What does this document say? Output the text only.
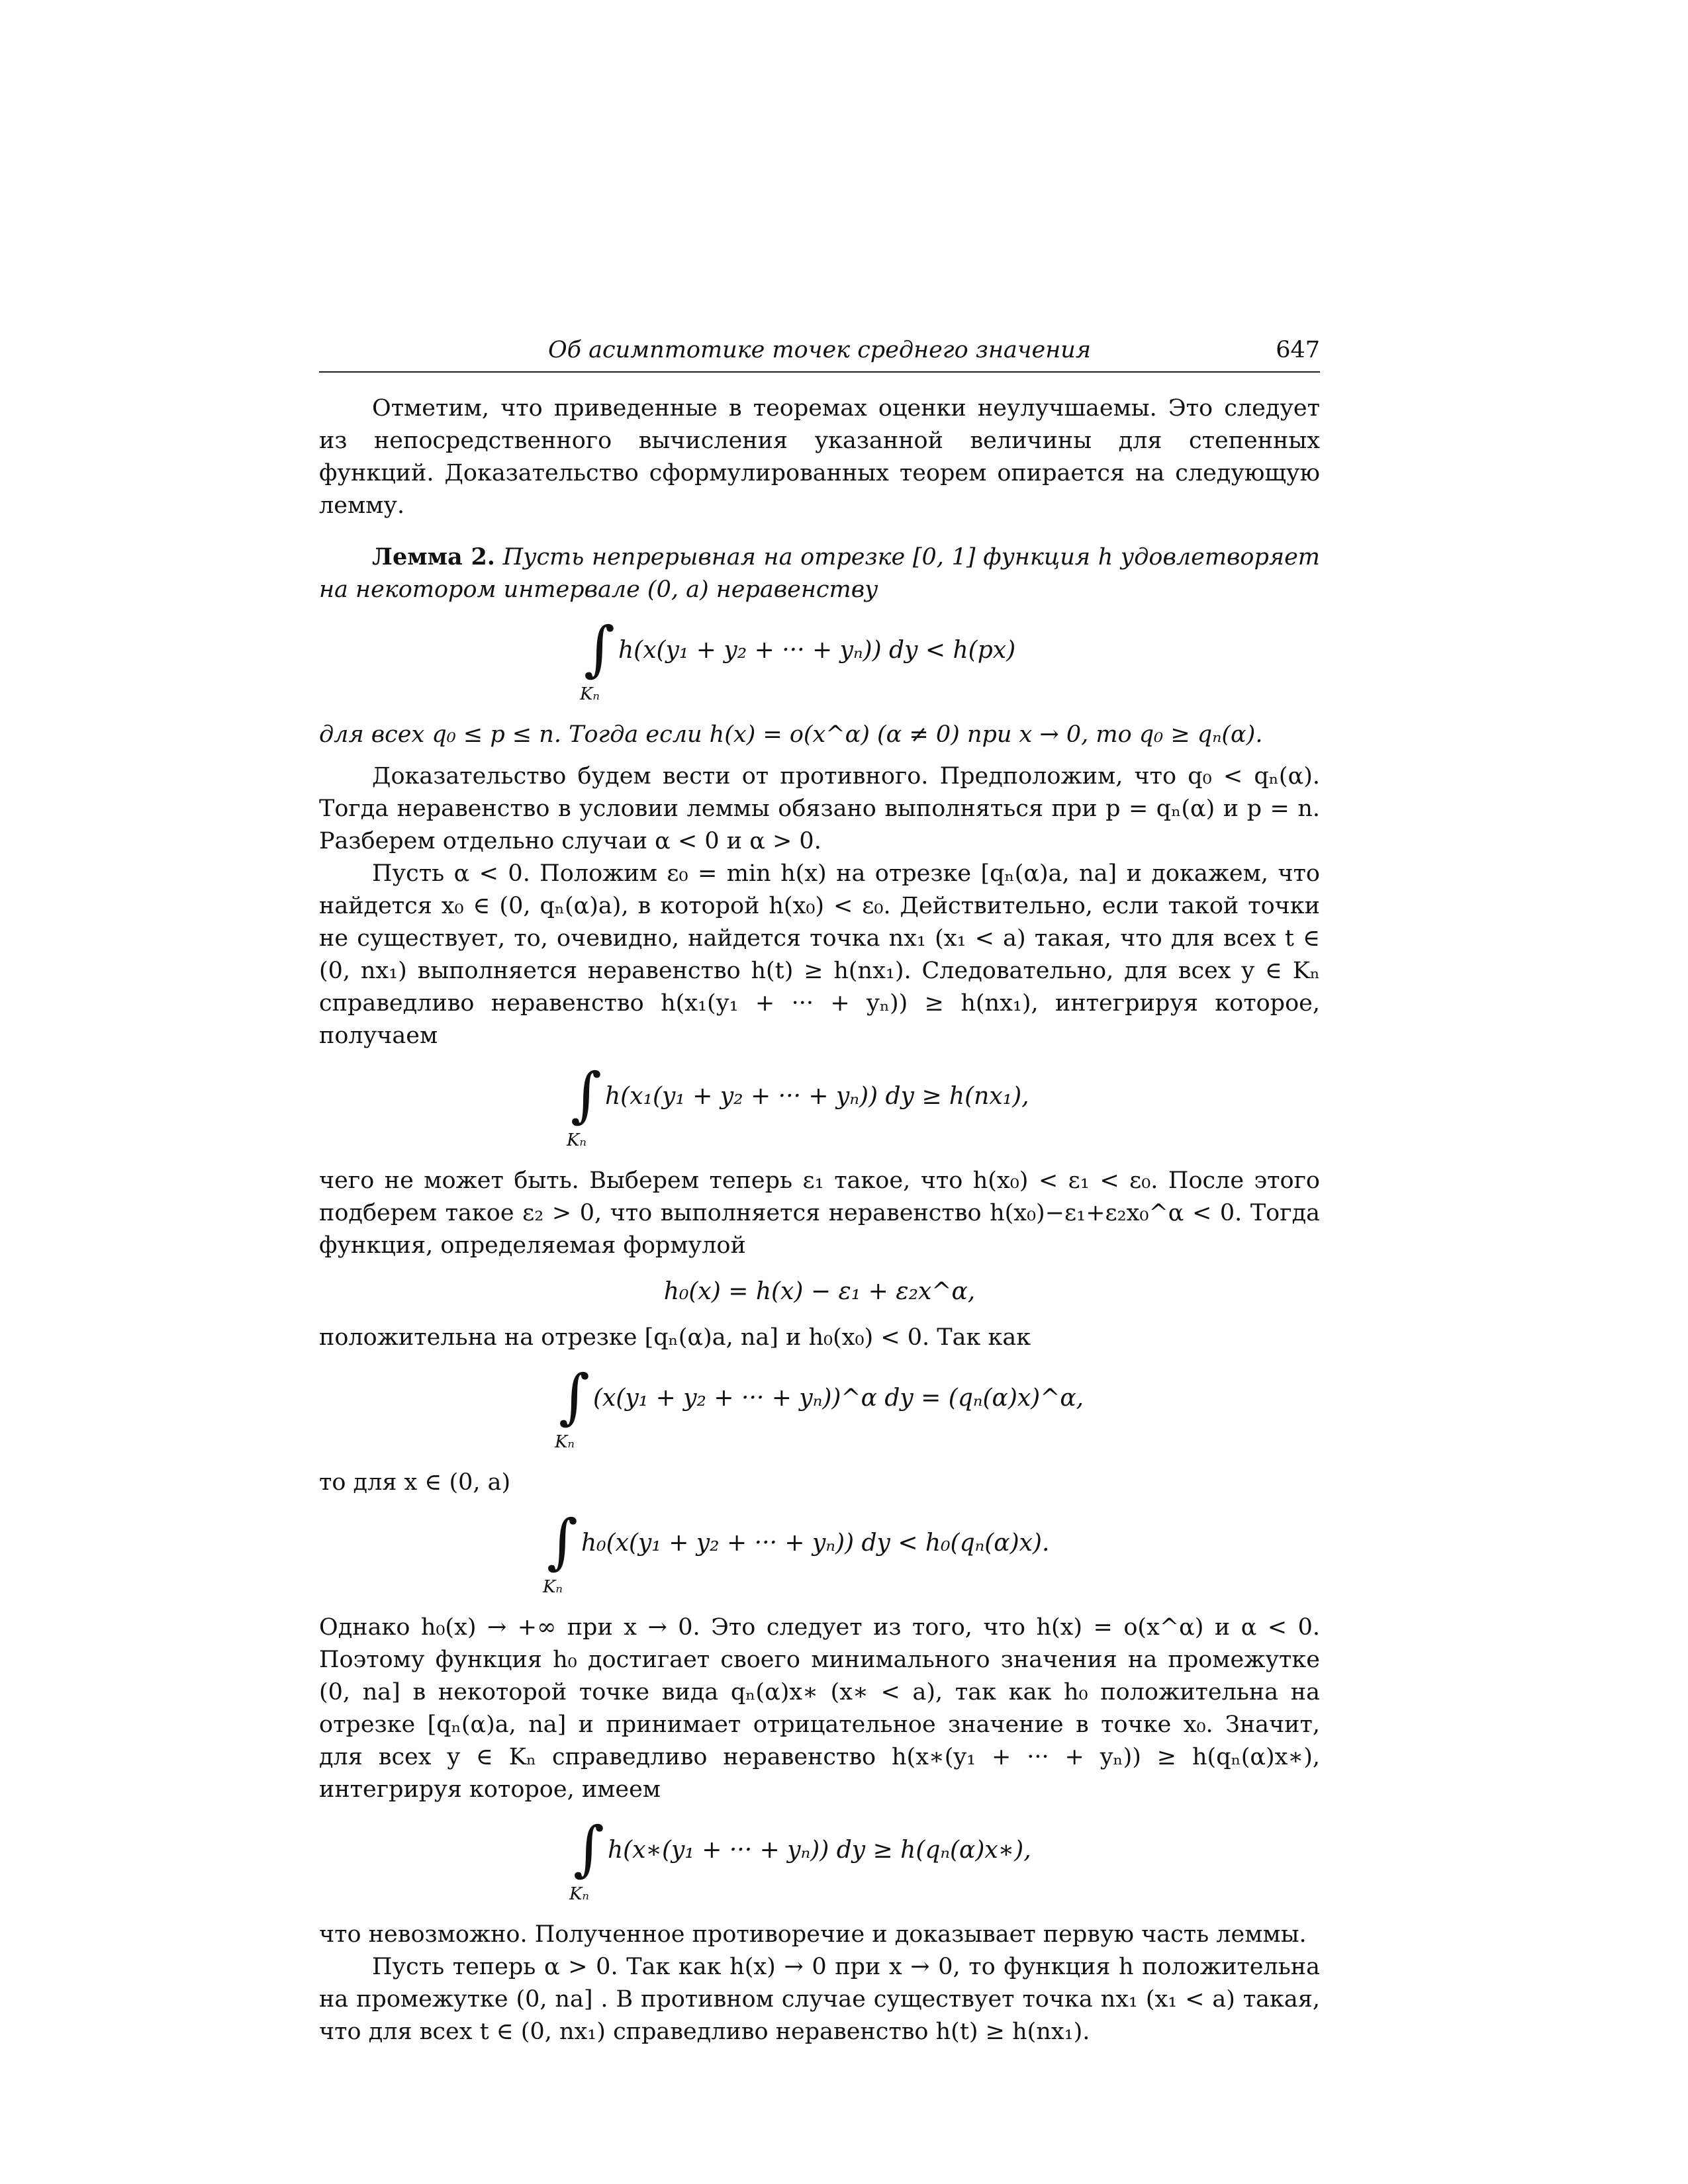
Об асимптотике точек среднего значения	647

Отметим, что приведенные в теоремах оценки неулучшаемы. Это следует из непосредственного вычисления указанной величины для степенных функций. Доказательство сформулированных теорем опирается на следующую лемму.

Лемма 2. Пусть непрерывная на отрезке [0, 1] функция h удовлетворяет на некотором интервале (0, a) неравенству

∫
Kₙ
h(x(y₁ + y₂ + ··· + yₙ)) dy < h(px)

для всех q₀ ≤ p ≤ n. Тогда если h(x) = o(x^α) (α ≠ 0) при x → 0, то q₀ ≥ qₙ(α).

Доказательство будем вести от противного. Предположим, что q₀ < qₙ(α). Тогда неравенство в условии леммы обязано выполняться при p = qₙ(α) и p = n. Разберем отдельно случаи α < 0 и α > 0.

Пусть α < 0. Положим ε₀ = min h(x) на отрезке [qₙ(α)a, na] и докажем, что найдется x₀ ∈ (0, qₙ(α)a), в которой h(x₀) < ε₀. Действительно, если такой точки не существует, то, очевидно, найдется точка nx₁ (x₁ < a) такая, что для всех t ∈ (0, nx₁) выполняется неравенство h(t) ≥ h(nx₁). Следовательно, для всех y ∈ Kₙ справедливо неравенство h(x₁(y₁ + ··· + yₙ)) ≥ h(nx₁), интегрируя которое, получаем

∫
Kₙ
h(x₁(y₁ + y₂ + ··· + yₙ)) dy ≥ h(nx₁),

чего не может быть. Выберем теперь ε₁ такое, что h(x₀) < ε₁ < ε₀. После этого подберем такое ε₂ > 0, что выполняется неравенство h(x₀)−ε₁+ε₂x₀^α < 0. Тогда функция, определяемая формулой

h₀(x) = h(x) − ε₁ + ε₂x^α,

положительна на отрезке [qₙ(α)a, na] и h₀(x₀) < 0. Так как

∫
Kₙ
(x(y₁ + y₂ + ··· + yₙ))^α dy = (qₙ(α)x)^α,

то для x ∈ (0, a)

∫
Kₙ
h₀(x(y₁ + y₂ + ··· + yₙ)) dy < h₀(qₙ(α)x).

Однако h₀(x) → +∞ при x → 0. Это следует из того, что h(x) = o(x^α) и α < 0. Поэтому функция h₀ достигает своего минимального значения на промежутке (0, na] в некоторой точке вида qₙ(α)x∗ (x∗ < a), так как h₀ положительна на отрезке [qₙ(α)a, na] и принимает отрицательное значение в точке x₀. Значит, для всех y ∈ Kₙ справедливо неравенство h(x∗(y₁ + ··· + yₙ)) ≥ h(qₙ(α)x∗), интегрируя которое, имеем

∫
Kₙ
h(x∗(y₁ + ··· + yₙ)) dy ≥ h(qₙ(α)x∗),

что невозможно. Полученное противоречие и доказывает первую часть леммы.

Пусть теперь α > 0. Так как h(x) → 0 при x → 0, то функция h положительна на промежутке (0, na] . В противном случае существует точка nx₁ (x₁ < a) такая, что для всех t ∈ (0, nx₁) справедливо неравенство h(t) ≥ h(nx₁).
